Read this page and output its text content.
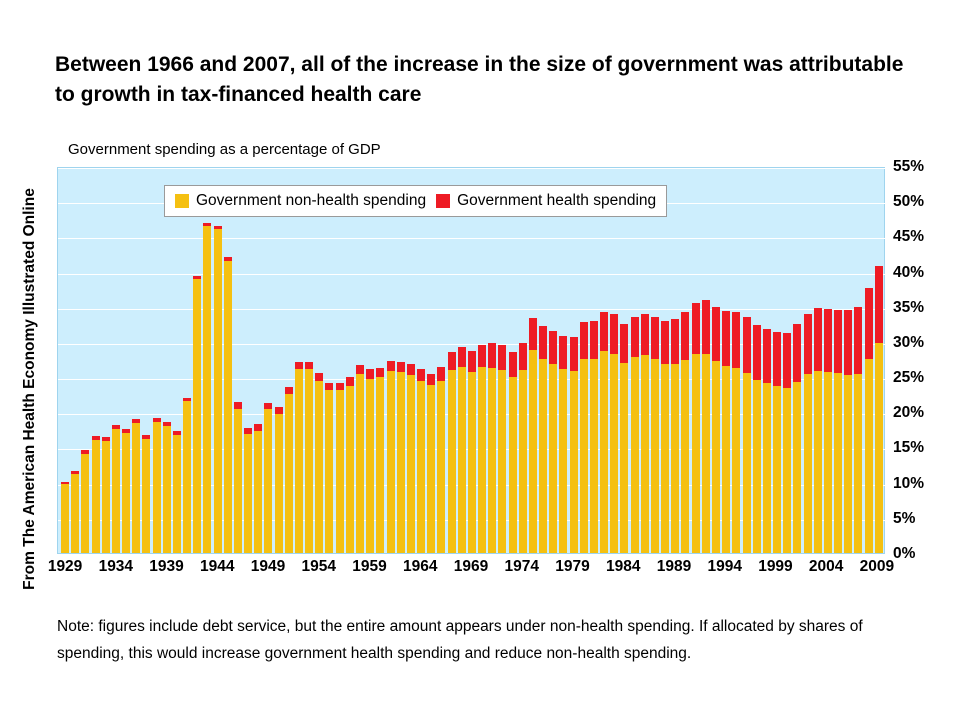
From The American Health Economy Illustrated Online
Between 1966 and 2007, all of the increase in the size of government was attributable to growth in tax-financed health care
Government spending as a percentage of GDP
Government non-health spending Government health spending
0%
5%
10%
15%
20%
25%
30%
35%
40%
45%
50%
55%
1929 1934 1939 1944 1949 1954 1959 1964 1969 1974 1979 1984 1989 1994 1999 2004 2009
Note: figures include debt service, but the entire amount appears under non-health spending. If allocated by shares of spending, this would increase government health spending and reduce non-health spending.
